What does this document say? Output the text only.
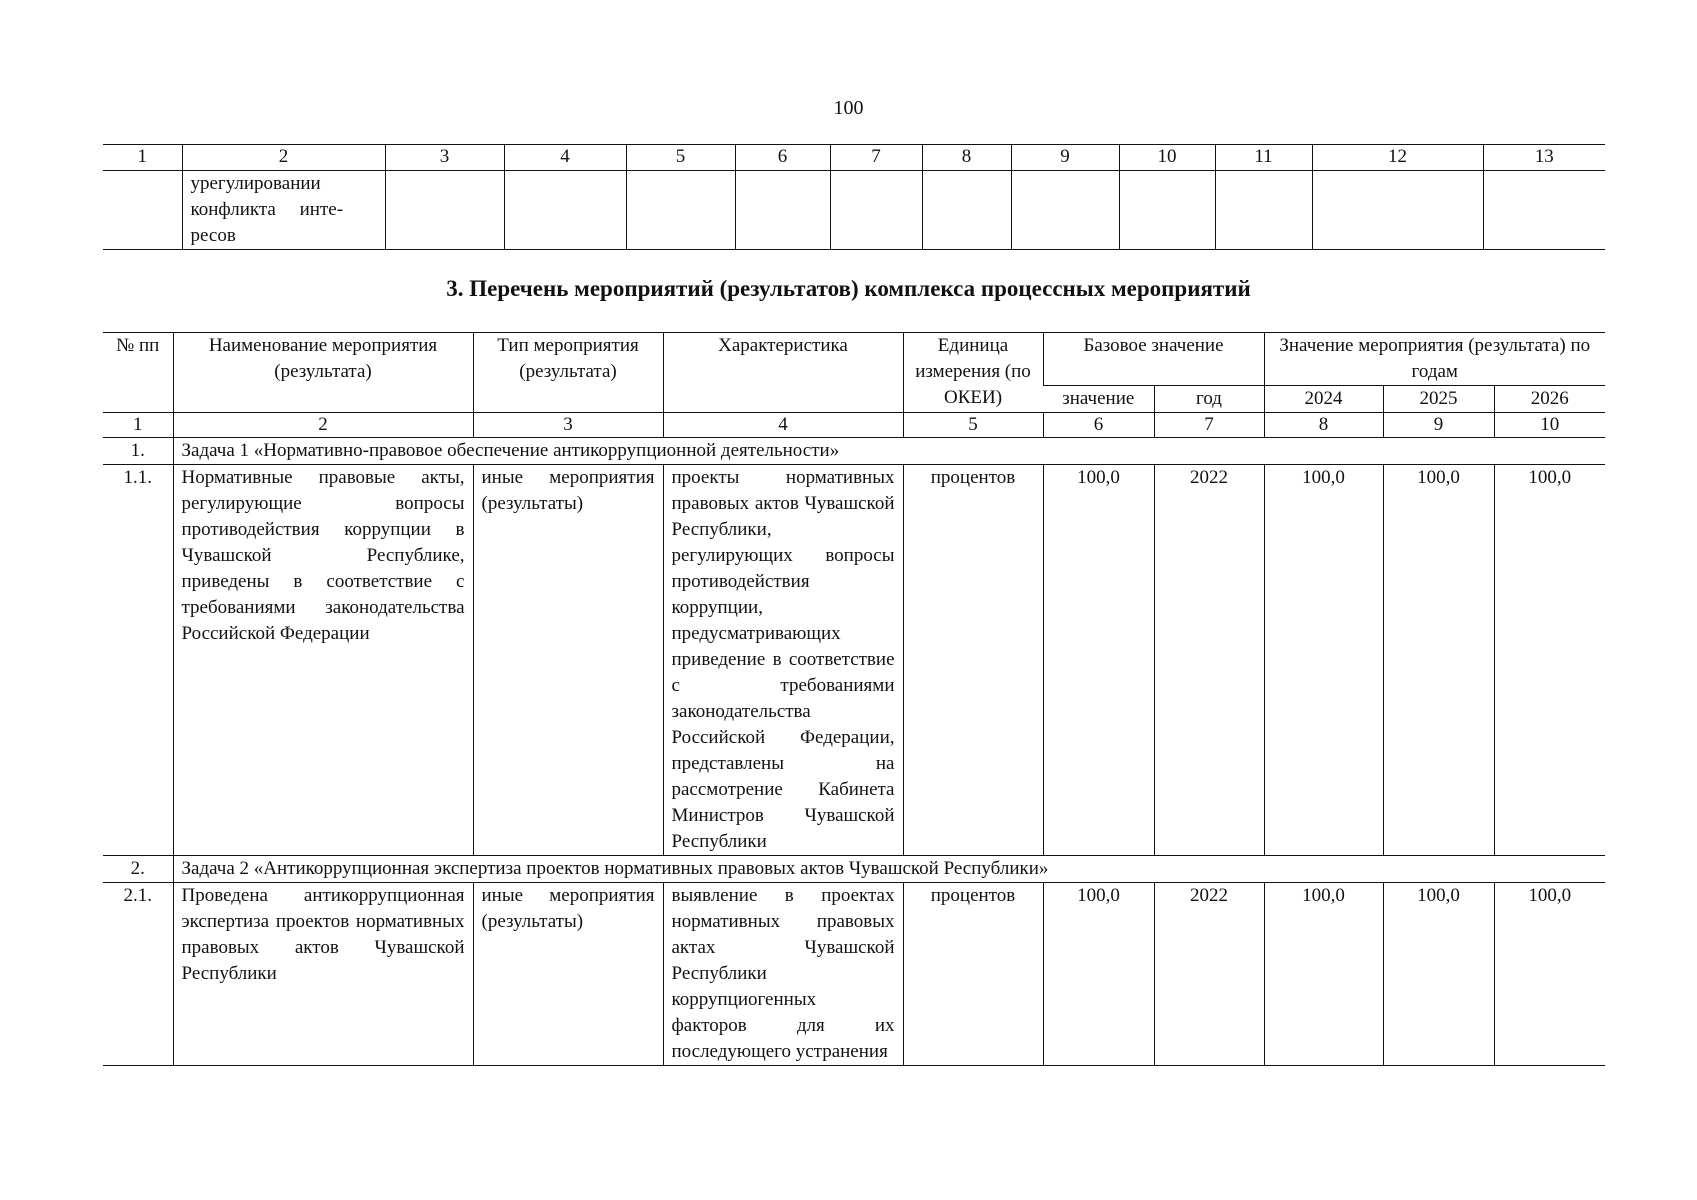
100
1	2	3	4	5	6	7	8	9	10	11	12	13
	урегулировании
конфликта     инте-
ресов											
3. Перечень мероприятий (результатов) комплекса процессных мероприятий
№ пп	Наименование мероприятия (результата)	Тип мероприятия (результата)	Характеристика	Единица измерения (по ОКЕИ)	Базовое значение		Значение мероприятия (результата) по годам		
					значение	год	2024	2025	2026
1	2	3	4	5	6	7	8	9	10
1.	Задача 1 «Нормативно-правовое обеспечение антикоррупционной деятельности»								
1.1.	Нормативные правовые акты, регулирующие вопросы противодействия коррупции в Чувашской Республике, приведены в соответствие с требованиями законодательства Российской Федерации	иные мероприятия (результаты)	проекты нормативных правовых актов Чувашской Республики, регулирующих вопросы противодействия коррупции, предусматривающих приведение в соответствие с требованиями законодательства Российской Федерации, представлены на рассмотрение Кабинета Министров Чувашской Республики	процентов	100,0	2022	100,0	100,0	100,0
2.	Задача 2 «Антикоррупционная экспертиза проектов нормативных правовых актов Чувашской Республики»								
2.1.	Проведена антикоррупционная экспертиза проектов нормативных правовых актов Чувашской Республики	иные мероприятия (результаты)	выявление в проектах нормативных правовых актах Чувашской Республики коррупциогенных факторов для их последующего устранения	процентов	100,0	2022	100,0	100,0	100,0
